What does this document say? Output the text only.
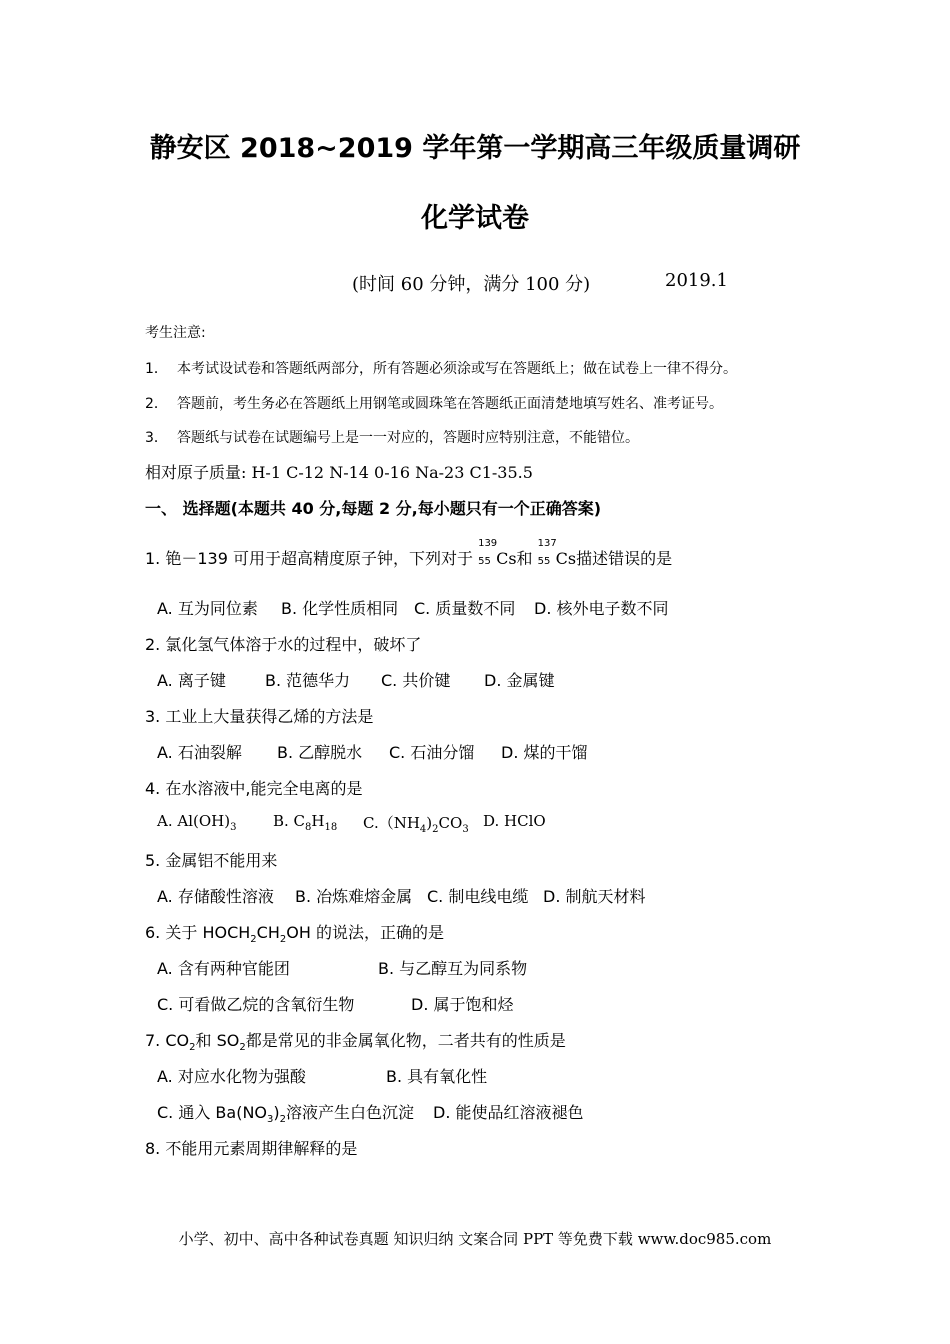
静安区 2018~2019 学年第一学期高三年级质量调研
化学试卷
(时间 60 分钟，满分 100 分)	2019.1
考生注意:
1． 本考试设试卷和答题纸两部分，所有答题必须涂或写在答题纸上；做在试卷上一律不得分。
2． 答题前，考生务必在答题纸上用钢笔或圆珠笔在答题纸正面清楚地填写姓名、准考证号。
3． 答题纸与试卷在试题编号上是一一对应的，答题时应特别注意，不能错位。
相对原子质量: H-1 C-12 N-14 0-16 Na-23 C1-35.5
一、 选择题(本题共 40 分,每题 2 分,每小题只有一个正确答案)
1. 铯－139 可用于超高精度原子钟，下列对于
139
55 Cs和
137
55 Cs描述错误的是
A. 互为同位素 B. 化学性质相同 C. 质量数不同 D. 核外电子数不同
2. 氯化氢气体溶于水的过程中，破坏了
A. 离子键 B. 范德华力 C. 共价键 D. 金属键
3. 工业上大量获得乙烯的方法是
A. 石油裂解 B. 乙醇脱水 C. 石油分馏 D. 煤的干馏
4. 在水溶液中,能完全电离的是
A. $Al(OH)_3$ B. $C_8H_{18}$ $C.(NH_4)_2CO_3$ D. HClO
5. 金属铝不能用来
A. 存储酸性溶液 B. 冶炼难熔金属 C. 制电线电缆 D. 制航天材料
6. 关于 $HOCH_2CH_2OH$ 的说法，正确的是
A. 含有两种官能团	B. 与乙醇互为同系物
C. 可看做乙烷的含氧衍生物	D. 属于饱和烃
7. $CO_2$和 $SO_2$都是常见的非金属氧化物，二者共有的性质是
A. 对应水化物为强酸	B. 具有氧化性
C. 通入 $Ba(NO_3)_2$溶液产生白色沉淀 D. 能使品红溶液褪色
8. 不能用元素周期律解释的是
小学、初中、高中各种试卷真题 知识归纳 文案合同 PPT 等免费下载 www.doc985.com
